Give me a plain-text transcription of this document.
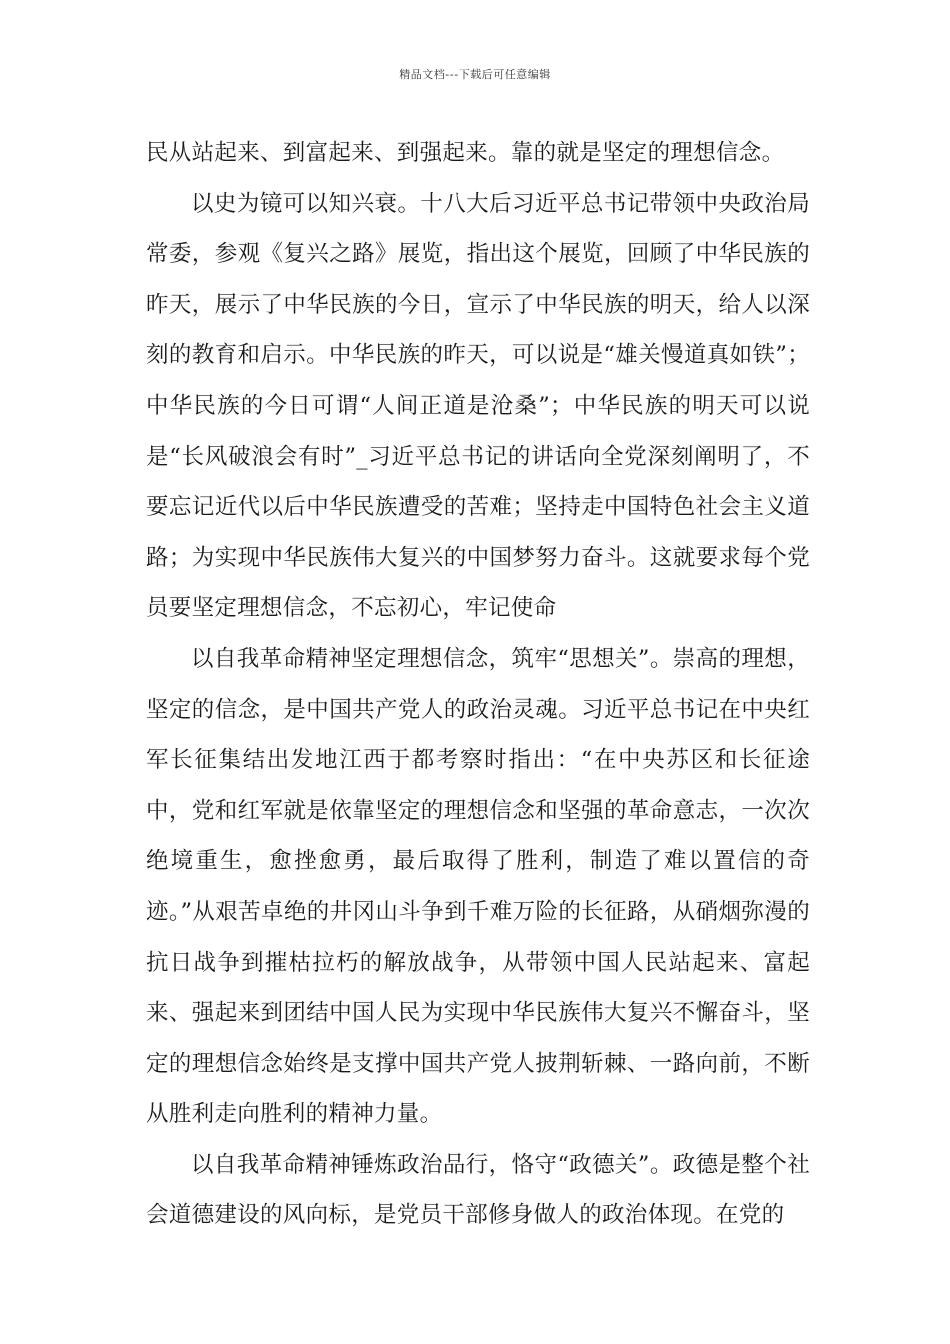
精品文档---下载后可任意编辑

民从站起来、到富起来、到强起来。靠的就是坚定的理想信念。

以史为镜可以知兴衰。十八大后习近平总书记带领中央政治局常委，参观《复兴之路》展览，指出这个展览，回顾了中华民族的昨天，展示了中华民族的今日，宣示了中华民族的明天，给人以深刻的教育和启示。中华民族的昨天，可以说是“雄关慢道真如铁”；中华民族的今日可谓“人间正道是沧桑”；中华民族的明天可以说是“长风破浪会有时”_习近平总书记的讲话向全党深刻阐明了，不要忘记近代以后中华民族遭受的苦难；坚持走中国特色社会主义道路；为实现中华民族伟大复兴的中国梦努力奋斗。这就要求每个党员要坚定理想信念，不忘初心，牢记使命

以自我革命精神坚定理想信念，筑牢“思想关”。崇高的理想，坚定的信念，是中国共产党人的政治灵魂。习近平总书记在中央红军长征集结出发地江西于都考察时指出：“在中央苏区和长征途中，党和红军就是依靠坚定的理想信念和坚强的革命意志，一次次绝境重生，愈挫愈勇，最后取得了胜利，制造了难以置信的奇迹。”从艰苦卓绝的井冈山斗争到千难万险的长征路，从硝烟弥漫的抗日战争到摧枯拉朽的解放战争，从带领中国人民站起来、富起来、强起来到团结中国人民为实现中华民族伟大复兴不懈奋斗，坚定的理想信念始终是支撑中国共产党人披荆斩棘、一路向前，不断从胜利走向胜利的精神力量。

以自我革命精神锤炼政治品行，恪守“政德关”。政德是整个社会道德建设的风向标，是党员干部修身做人的政治体现。在党的
